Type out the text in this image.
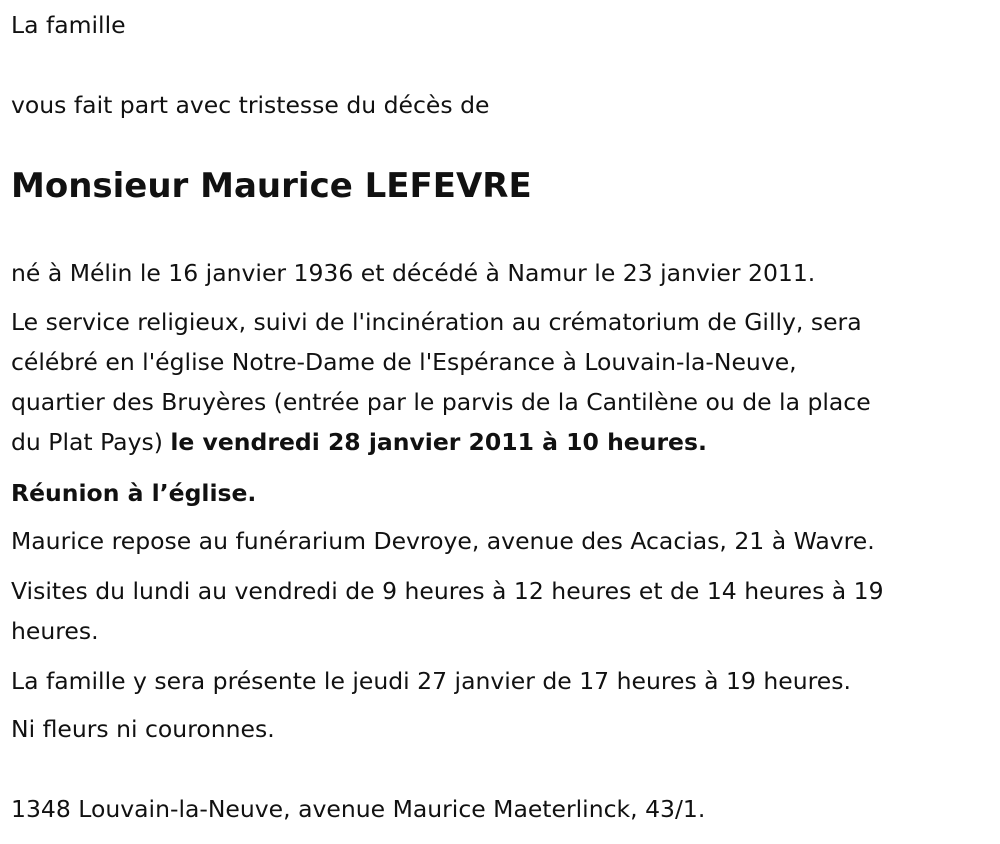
La famille
vous fait part avec tristesse du décès de
Monsieur Maurice LEFEVRE
né à Mélin le 16 janvier 1936 et décédé à Namur le 23 janvier 2011.
Le service religieux, suivi de l'incinération au crématorium de Gilly, sera
célébré en l'église Notre-Dame de l'Espérance à Louvain-la-Neuve,
quartier des Bruyères (entrée par le parvis de la Cantilène ou de la place
du Plat Pays) le vendredi 28 janvier 2011 à 10 heures.
Réunion à l’église.
Maurice repose au funérarium Devroye, avenue des Acacias, 21 à Wavre.
Visites du lundi au vendredi de 9 heures à 12 heures et de 14 heures à 19
heures.
La famille y sera présente le jeudi 27 janvier de 17 heures à 19 heures.
Ni fleurs ni couronnes.
1348 Louvain-la-Neuve, avenue Maurice Maeterlinck, 43/1.
